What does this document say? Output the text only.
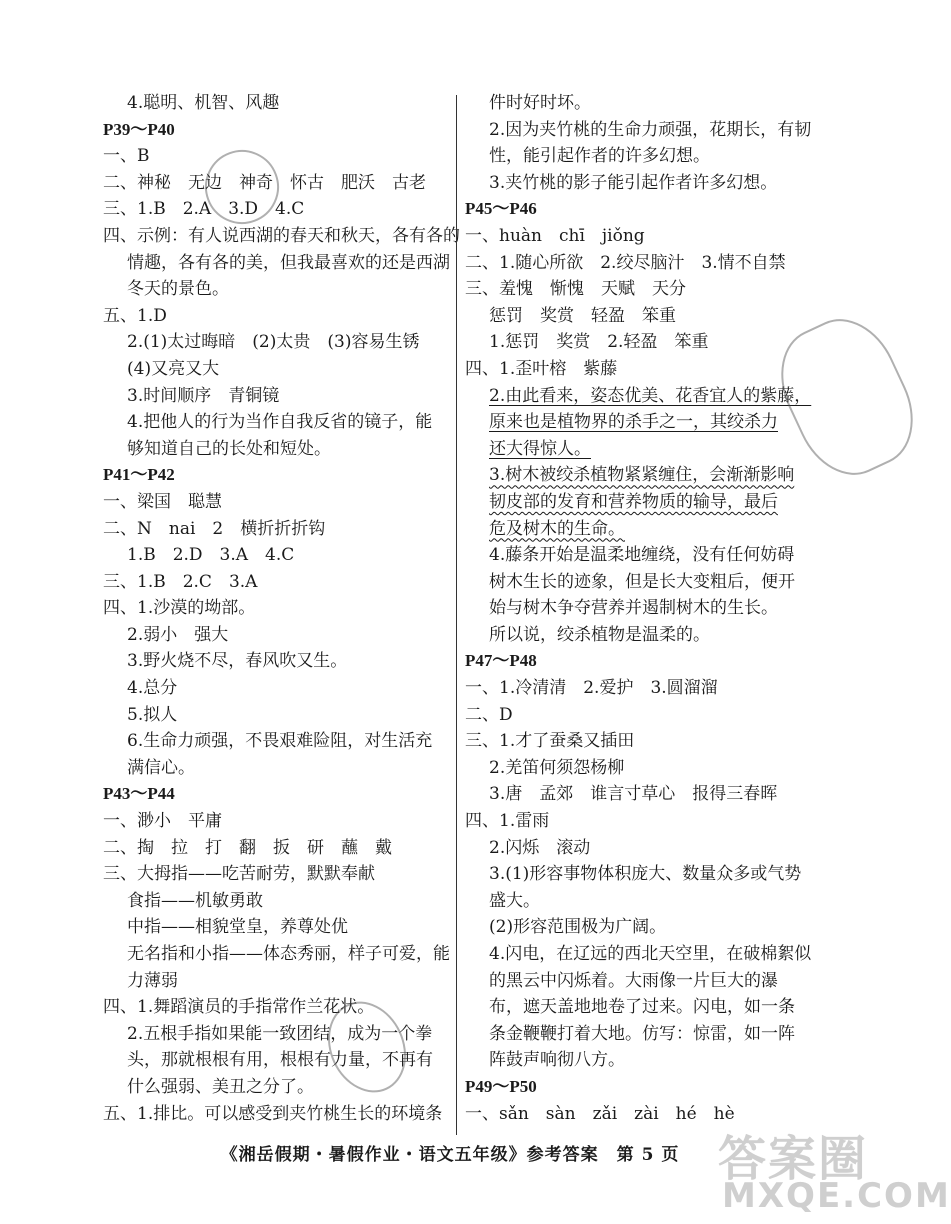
4.聪明、机智、风趣
P39～P40
一、B
二、神秘　无边　神奇　怀古　肥沃　古老
三、1.B　2.A　3.D　4.C
四、示例：有人说西湖的春天和秋天，各有各的
情趣，各有各的美，但我最喜欢的还是西湖
冬天的景色。
五、1.D
2.(1)太过晦暗　(2)太贵　(3)容易生锈
(4)又亮又大
3.时间顺序　青铜镜
4.把他人的行为当作自我反省的镜子，能
够知道自己的长处和短处。
P41～P42
一、梁国　聪慧
二、N　nai　2　横折折折钩
1.B　2.D　3.A　4.C
三、1.B　2.C　3.A
四、1.沙漠的坳部。
2.弱小　强大
3.野火烧不尽，春风吹又生。
4.总分
5.拟人
6.生命力顽强，不畏艰难险阻，对生活充
满信心。
P43～P44
一、渺小　平庸
二、掏　拉　打　翻　扳　研　蘸　戴
三、大拇指——吃苦耐劳，默默奉献
食指——机敏勇敢
中指——相貌堂皇，养尊处优
无名指和小指——体态秀丽，样子可爱，能
力薄弱
四、1.舞蹈演员的手指常作兰花状。
2.五根手指如果能一致团结，成为一个拳
头，那就根根有用，根根有力量，不再有
什么强弱、美丑之分了。
五、1.排比。可以感受到夹竹桃生长的环境条
件时好时坏。
2.因为夹竹桃的生命力顽强，花期长，有韧
性，能引起作者的许多幻想。
3.夹竹桃的影子能引起作者许多幻想。
P45～P46
一、huàn　chī　jiǒng
二、1.随心所欲　2.绞尽脑汁　3.情不自禁
三、羞愧　惭愧　天赋　天分
惩罚　奖赏　轻盈　笨重
1.惩罚　奖赏　2.轻盈　笨重
四、1.歪叶榕　紫藤
2.由此看来，姿态优美、花香宜人的紫藤，
原来也是植物界的杀手之一，其绞杀力
还大得惊人。
3.树木被绞杀植物紧紧缠住，会渐渐影响
韧皮部的发育和营养物质的输导，最后
危及树木的生命。
4.藤条开始是温柔地缠绕，没有任何妨碍
树木生长的迹象，但是长大变粗后，便开
始与树木争夺营养并遏制树木的生长。
所以说，绞杀植物是温柔的。
P47～P48
一、1.冷清清　2.爱护　3.圆溜溜
二、D
三、1.才了蚕桑又插田
2.羌笛何须怨杨柳
3.唐　孟郊　谁言寸草心　报得三春晖
四、1.雷雨
2.闪烁　滚动
3.(1)形容事物体积庞大、数量众多或气势
盛大。
(2)形容范围极为广阔。
4.闪电，在辽远的西北天空里，在破棉絮似
的黑云中闪烁着。大雨像一片巨大的瀑
布，遮天盖地地卷了过来。闪电，如一条
条金鞭鞭打着大地。仿写：惊雷，如一阵
阵鼓声响彻八方。
P49～P50
一、sǎn　sàn　zǎi　zài　hé　hè
《湘岳假期・暑假作业・语文五年级》参考答案　第 5 页 答案圈
MXQE.COM
